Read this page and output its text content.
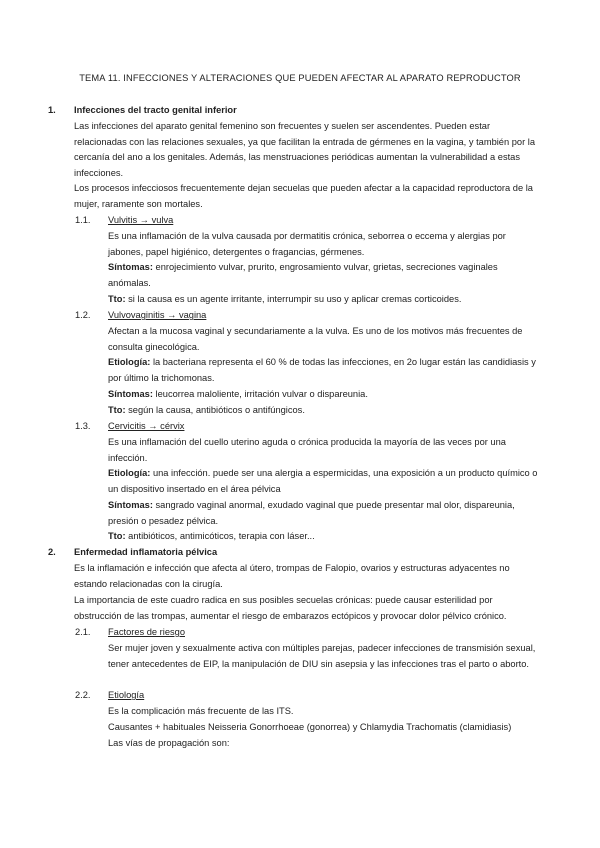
TEMA 11. INFECCIONES Y ALTERACIONES QUE PUEDEN AFECTAR AL APARATO REPRODUCTOR
1. Infecciones del tracto genital inferior

Las infecciones del aparato genital femenino son frecuentes y suelen ser ascendentes. Pueden estar relacionadas con las relaciones sexuales, ya que facilitan la entrada de gérmenes en la vagina, y también por la cercanía del ano a los genitales. Además, las menstruaciones periódicas aumentan la vulnerabilidad a estas infecciones.

Los procesos infecciosos frecuentemente dejan secuelas que pueden afectar a la capacidad reproductora de la mujer, raramente son mortales.

1.1. Vulvitis → vulva

Es una inflamación de la vulva causada por dermatitis crónica, seborrea o eccema y alergias por jabones, papel higiénico, detergentes o fragancias, gérmenes.

Síntomas: enrojecimiento vulvar, prurito, engrosamiento vulvar, grietas, secreciones vaginales anómalas.

Tto: si la causa es un agente irritante, interrumpir su uso y aplicar cremas corticoides.

1.2. Vulvovaginitis → vagina

Afectan a la mucosa vaginal y secundariamente a la vulva. Es uno de los motivos más frecuentes de consulta ginecológica.

Etiología: la bacteriana representa el 60 % de todas las infecciones, en 2o lugar están las candidiasis y por último la trichomonas.

Síntomas: leucorrea maloliente, irritación vulvar o dispareunia.

Tto: según la causa, antibióticos o antifúngicos.

1.3. Cervicitis → cérvix

Es una inflamación del cuello uterino aguda o crónica producida la mayoría de las veces por una infección.

Etiología: una infección. puede ser una alergia a espermicidas, una exposición a un producto químico o un dispositivo insertado en el área pélvica

Síntomas: sangrado vaginal anormal, exudado vaginal que puede presentar mal olor, dispareunia, presión o pesadez pélvica.

Tto: antibióticos, antimicóticos, terapia con láser...

2. Enfermedad inflamatoria pélvica

Es la inflamación e infección que afecta al útero, trompas de Falopio, ovarios y estructuras adyacentes no estando relacionadas con la cirugía.

La importancia de este cuadro radica en sus posibles secuelas crónicas: puede causar esterilidad por obstrucción de las trompas, aumentar el riesgo de embarazos ectópicos y provocar dolor pélvico crónico.

2.1. Factores de riesgo

Ser mujer joven y sexualmente activa con múltiples parejas, padecer infecciones de transmisión sexual, tener antecedentes de EIP, la manipulación de DIU sin asepsia y las infecciones tras el parto o aborto.

2.2. Etiología

Es la complicación más frecuente de las ITS.

Causantes + habituales Neisseria Gonorrhoeae (gonorrea) y Chlamydia Trachomatis (clamidiasis)

Las vías de propagación son:
